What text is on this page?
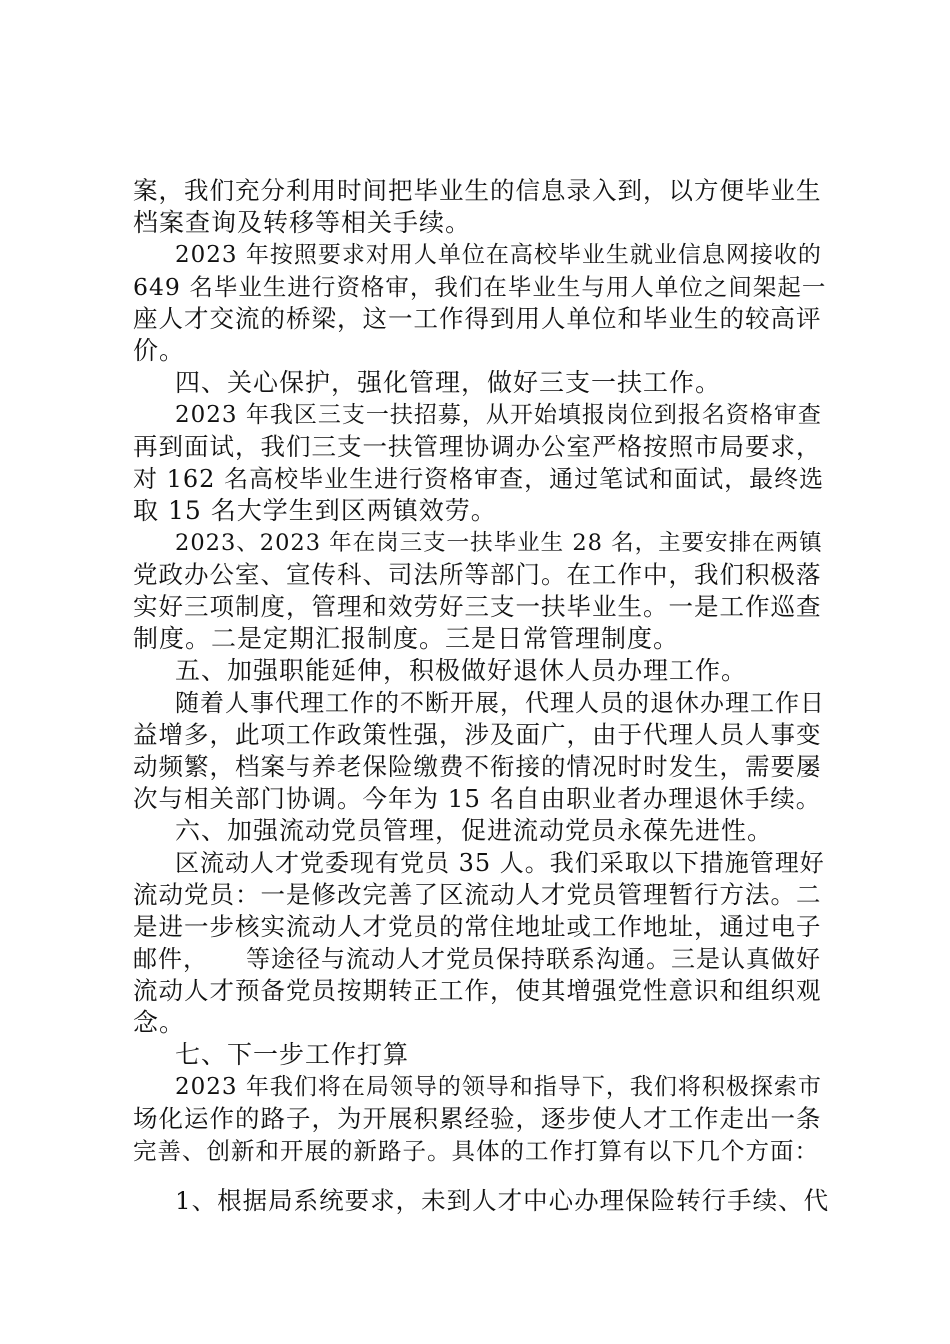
案，我们充分利用时间把毕业生的信息录入到，以方便毕业生
档案查询及转移等相关手续。
2023 年按照要求对用人单位在高校毕业生就业信息网接收的
649 名毕业生进行资格审，我们在毕业生与用人单位之间架起一
座人才交流的桥梁，这一工作得到用人单位和毕业生的较高评
价。
四、关心保护，强化管理，做好三支一扶工作。
2023 年我区三支一扶招募，从开始填报岗位到报名资格审查
再到面试，我们三支一扶管理协调办公室严格按照市局要求，
对 162 名高校毕业生进行资格审查，通过笔试和面试，最终选
取 15 名大学生到区两镇效劳。
2023、2023 年在岗三支一扶毕业生 28 名，主要安排在两镇
党政办公室、宣传科、司法所等部门。在工作中，我们积极落
实好三项制度，管理和效劳好三支一扶毕业生。一是工作巡查
制度。二是定期汇报制度。三是日常管理制度。
五、加强职能延伸，积极做好退休人员办理工作。
随着人事代理工作的不断开展，代理人员的退休办理工作日
益增多，此项工作政策性强，涉及面广，由于代理人员人事变
动频繁，档案与养老保险缴费不衔接的情况时时发生，需要屡
次与相关部门协调。今年为 15 名自由职业者办理退休手续。
六、加强流动党员管理，促进流动党员永葆先进性。
区流动人才党委现有党员 35 人。我们采取以下措施管理好
流动党员：一是修改完善了区流动人才党员管理暂行方法。二
是进一步核实流动人才党员的常住地址或工作地址，通过电子
邮件，　　等途径与流动人才党员保持联系沟通。三是认真做好
流动人才预备党员按期转正工作，使其增强党性意识和组织观
念。
七、下一步工作打算
2023 年我们将在局领导的领导和指导下，我们将积极探索市
场化运作的路子，为开展积累经验，逐步使人才工作走出一条
完善、创新和开展的新路子。具体的工作打算有以下几个方面：
1、根据局系统要求，未到人才中心办理保险转行手续、代
